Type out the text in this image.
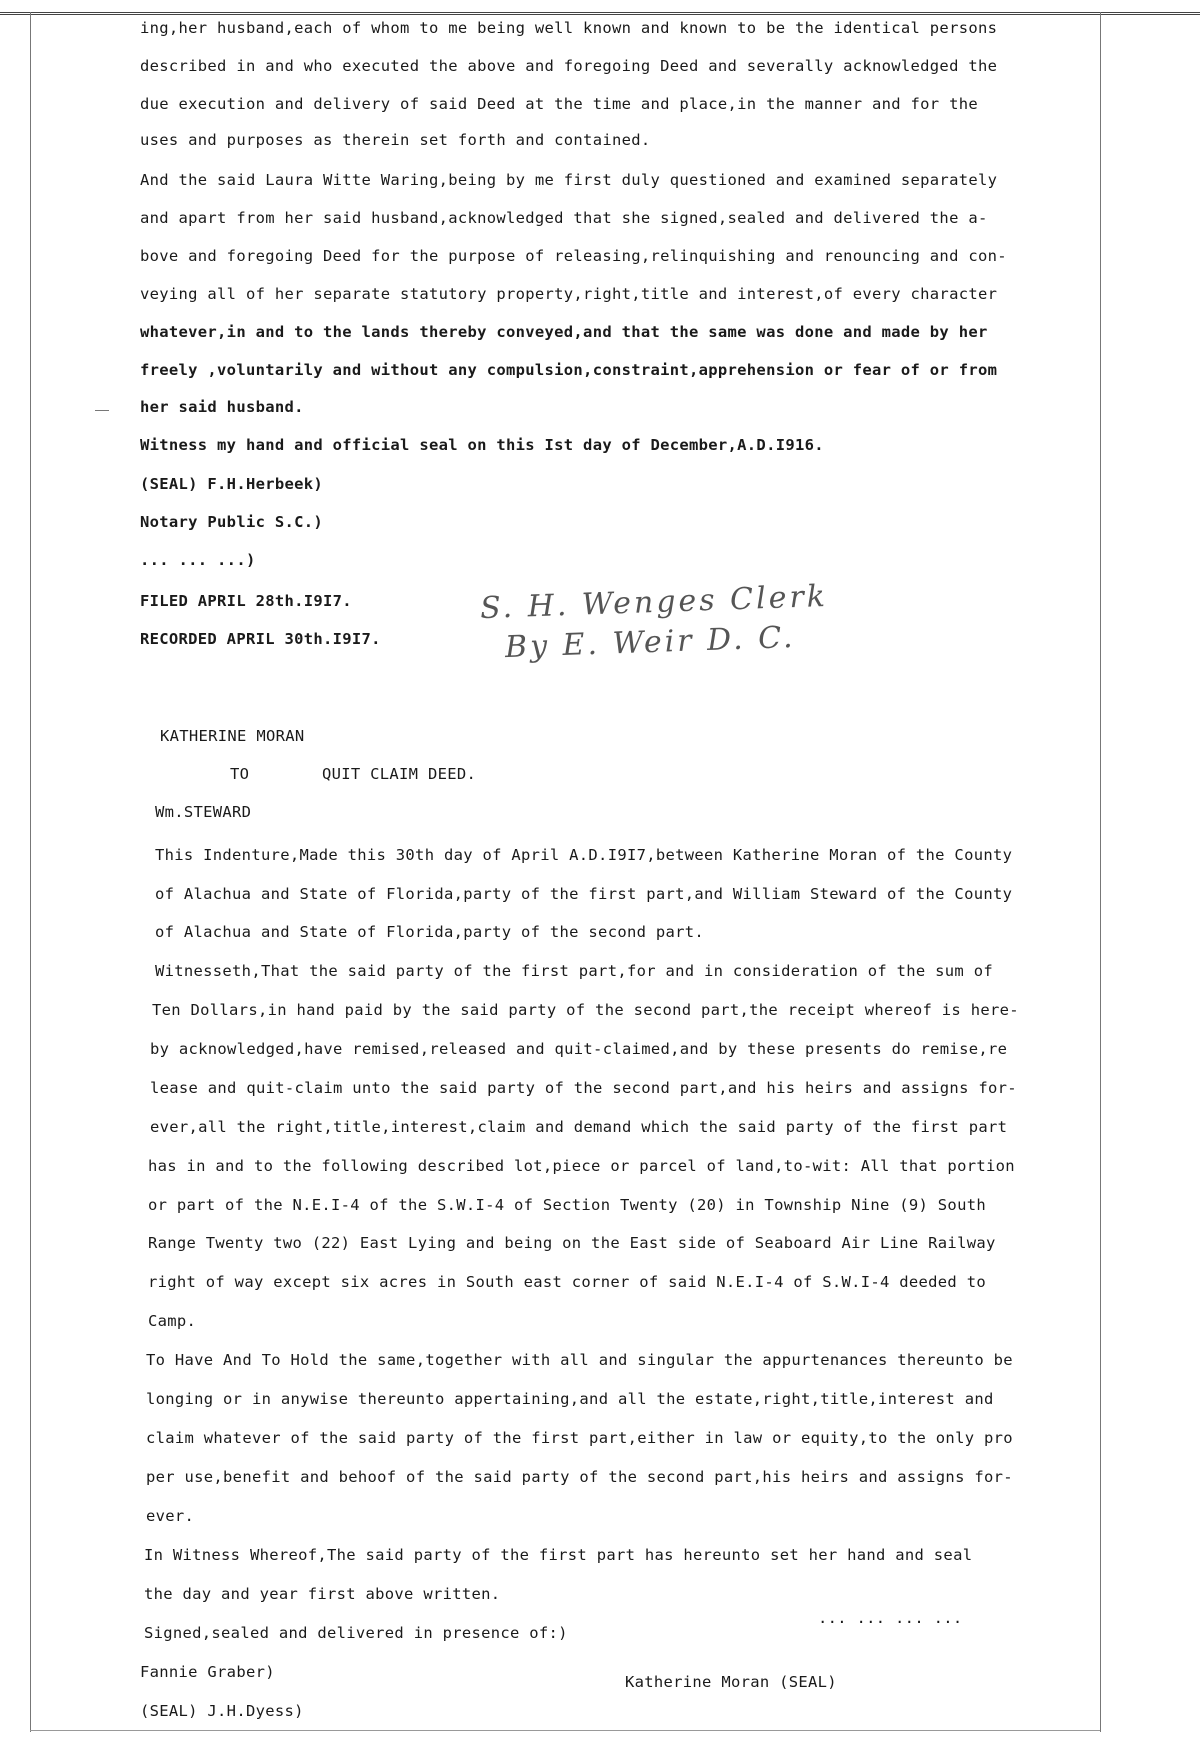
ing,her husband,each of whom to me being well known and known to be the identical persons
described in and who executed the above and foregoing Deed and severally acknowledged the
due execution and delivery of said Deed at the time and place,in the manner and for the
uses and purposes as therein set forth and contained.
And the said Laura Witte Waring,being by me first duly questioned and examined separately
and apart from her said husband,acknowledged that she signed,sealed and delivered the a-
bove and foregoing Deed for the purpose of releasing,relinquishing and renouncing and con-
veying all of her separate statutory property,right,title and interest,of every character
whatever,in and to the lands thereby conveyed,and that the same was done and made by her
freely ,voluntarily and without any compulsion,constraint,apprehension or fear of or from
her said husband.
Witness my hand and official seal on this Ist day of December,A.D.I916.
(SEAL) F.H.Herbeek)
Notary Public S.C.)
... ... ...)
FILED APRIL 28th.I9I7.
RECORDED APRIL 30th.I9I7.
S. H. Wenges Clerk
By E. Weir D. C.
KATHERINE MORAN
TO	QUIT CLAIM DEED.
Wm.STEWARD
This Indenture,Made this 30th day of April A.D.I9I7,between Katherine Moran of the County
of Alachua and State of Florida,party of the first part,and William Steward of the County
of Alachua and State of Florida,party of the second part.
Witnesseth,That the said party of the first part,for and in consideration of the sum of
Ten Dollars,in hand paid by the said party of the second part,the receipt whereof is here-
by acknowledged,have remised,released and quit-claimed,and by these presents do remise,re
lease and quit-claim unto the said party of the second part,and his heirs and assigns for-
ever,all the right,title,interest,claim and demand which the said party of the first part
has in and to the following described lot,piece or parcel of land,to-wit: All that portion
or part of the N.E.I-4 of the S.W.I-4 of Section Twenty (20) in Township Nine (9) South
Range Twenty two (22) East Lying and being on the East side of Seaboard Air Line Railway
right of way except six acres in South east corner of said N.E.I-4 of S.W.I-4 deeded to
Camp.
To Have And To Hold the same,together with all and singular the appurtenances thereunto be
longing or in anywise thereunto appertaining,and all the estate,right,title,interest and
claim whatever of the said party of the first part,either in law or equity,to the only pro
per use,benefit and behoof of the said party of the second part,his heirs and assigns for-
ever.
In Witness Whereof,The said party of the first part has hereunto set her hand and seal
the day and year first above written.
... ... ... ...
Signed,sealed and delivered in presence of:)
Fannie Graber)
Katherine Moran (SEAL)
(SEAL) J.H.Dyess)
